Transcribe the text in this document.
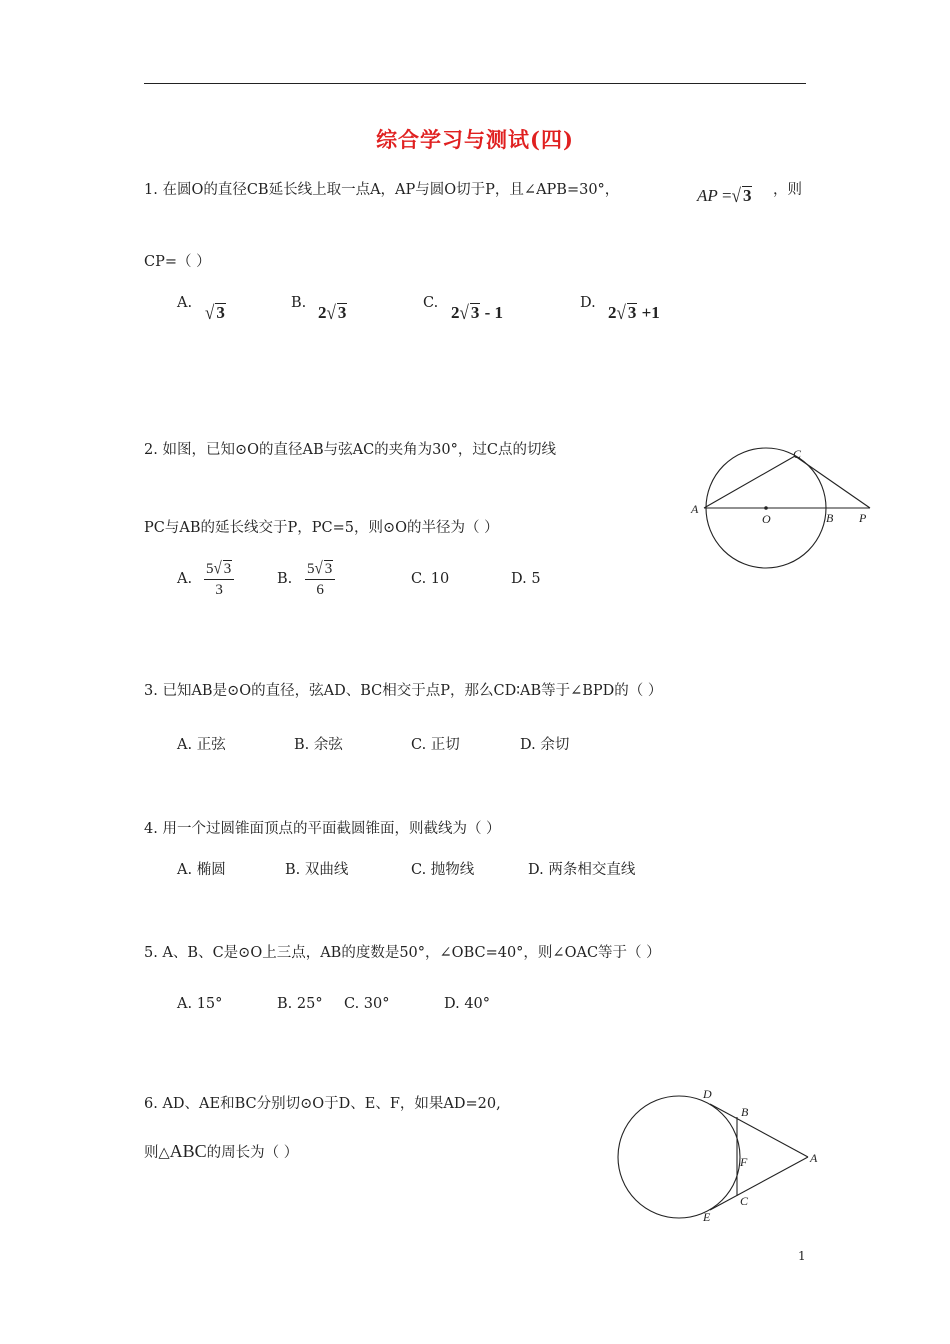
综合学习与测试(四)
1. 在圆O的直径CB延长线上取一点A，AP与圆O切于P，且∠APB=30°，	AP =√ 3 ，则
CP=（ ）
A. √ 3	B. 2√ 3	C. 2√ 3 - 1	D. 2√ 3 +1
2. 如图，已知⊙O的直径AB与弦AC的夹角为30°，过C点的切线
PC与AB的延长线交于P，PC=5，则⊙O的半径为（ ）
A. $\frac{5√ 3}{3}$	B. $\frac{5√ 3}{6}$	C. 10	D. 5
A
O	B P
C
3. 已知AB是⊙O的直径，弦AD、BC相交于点P，那么CD∶AB等于∠BPD的（ ）
A. 正弦	B. 余弦	C. 正切	D. 余切
4. 用一个过圆锥面顶点的平面截圆锥面，则截线为（ ）
A. 椭圆	B. 双曲线	C. 抛物线	D. 两条相交直线
5. A、B、C是⊙O上三点，AB的度数是50°，∠OBC=40°，则∠OAC等于（ ）
A. 15°	B. 25° C. 30°	D. 40°
6. AD、AE和BC分别切⊙O于D、E、F，如果AD=20,
则△ABC的周长为（ ）
D
B
F	A
C
E
1
